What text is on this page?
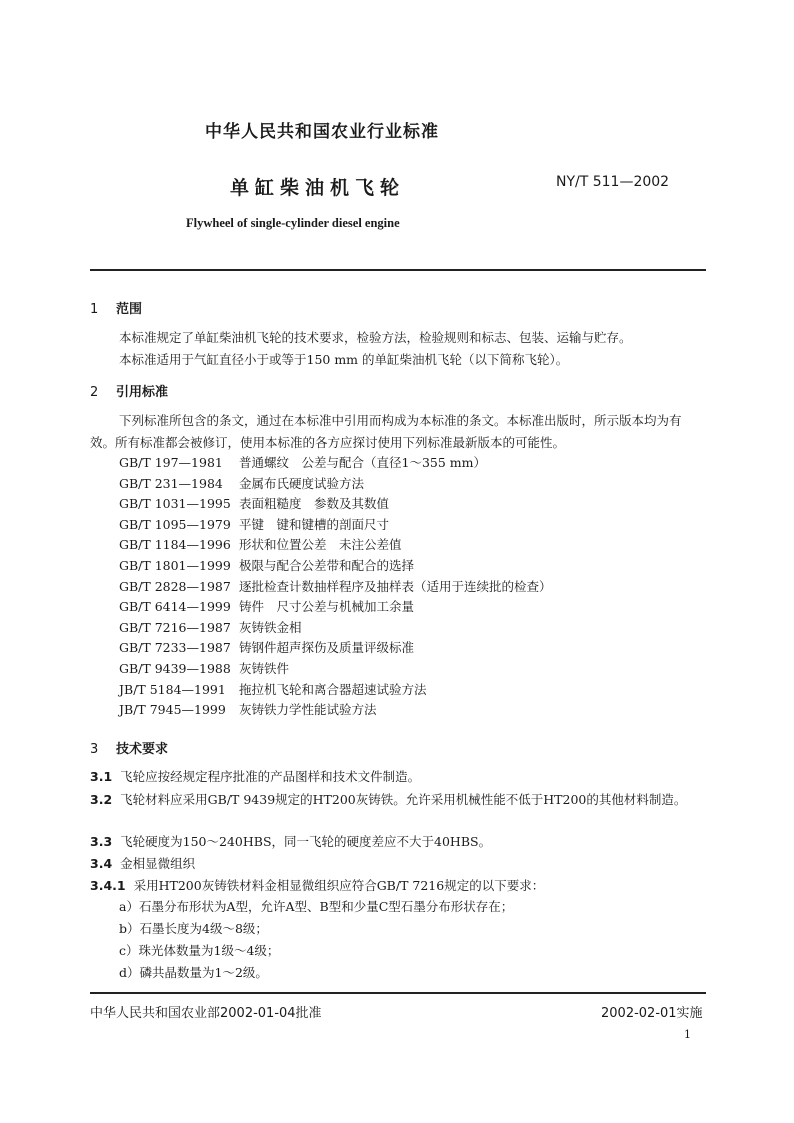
中华人民共和国农业行业标准
单缸柴油机飞轮	NY/T 511—2002
Flywheel of single-cylinder diesel engine
1 范围
本标准规定了单缸柴油机飞轮的技术要求，检验方法，检验规则和标志、包装、运输与贮存。
本标准适用于气缸直径小于或等于150 mm 的单缸柴油机飞轮（以下简称飞轮）。
2 引用标准
下列标准所包含的条文，通过在本标准中引用而构成为本标准的条文。本标准出版时，所示版本均为有效。所有标准都会被修订，使用本标准的各方应探讨使用下列标准最新版本的可能性。
GB/T 197—1981 普通螺纹　公差与配合（直径1～355 mm）
GB/T 231—1984 金属布氏硬度试验方法
GB/T 1031—1995 表面粗糙度　参数及其数值
GB/T 1095—1979 平键　键和键槽的剖面尺寸
GB/T 1184—1996 形状和位置公差　未注公差值
GB/T 1801—1999 极限与配合公差带和配合的选择
GB/T 2828—1987 逐批检查计数抽样程序及抽样表（适用于连续批的检查）
GB/T 6414—1999 铸件　尺寸公差与机械加工余量
GB/T 7216—1987 灰铸铁金相
GB/T 7233—1987 铸钢件超声探伤及质量评级标准
GB/T 9439—1988 灰铸铁件
JB/T 5184—1991 拖拉机飞轮和离合器超速试验方法
JB/T 7945—1999 灰铸铁力学性能试验方法
3 技术要求
3.1 飞轮应按经规定程序批准的产品图样和技术文件制造。
3.2 飞轮材料应采用GB/T 9439规定的HT200灰铸铁。允许采用机械性能不低于HT200的其他材料制造。
3.3 飞轮硬度为150～240HBS，同一飞轮的硬度差应不大于40HBS。
3.4 金相显微组织
3.4.1 采用HT200灰铸铁材料金相显微组织应符合GB/T 7216规定的以下要求：
a）石墨分布形状为A型，允许A型、B型和少量C型石墨分布形状存在；
b）石墨长度为4级～8级；
c）珠光体数量为1级～4级；
d）磷共晶数量为1～2级。
中华人民共和国农业部2002-01-04批准	2002-02-01实施
1
